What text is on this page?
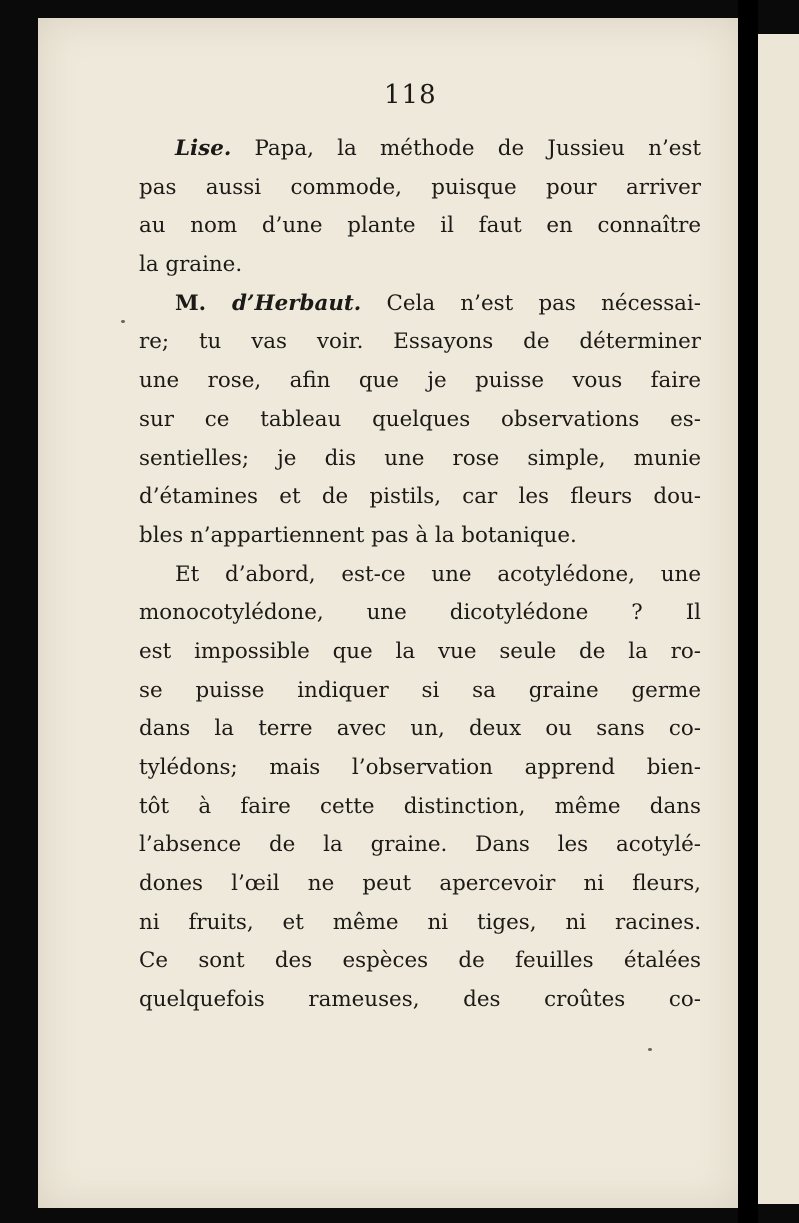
118
Lise. Papa, la méthode de Jussieu n’est
pas aussi commode, puisque pour arriver
au nom d’une plante il faut en connaître
la graine.
M. d’Herbaut. Cela n’est pas nécessai-
re; tu vas voir. Essayons de déterminer
une rose, afin que je puisse vous faire
sur ce tableau quelques observations es-
sentielles; je dis une rose simple, munie
d’étamines et de pistils, car les fleurs dou-
bles n’appartiennent pas à la botanique.
Et d’abord, est-ce une acotylédone, une
monocotylédone, une dicotylédone ? Il
est impossible que la vue seule de la ro-
se puisse indiquer si sa graine germe
dans la terre avec un, deux ou sans co-
tylédons; mais l’observation apprend bien-
tôt à faire cette distinction, même dans
l’absence de la graine. Dans les acotylé-
dones l’œil ne peut apercevoir ni fleurs,
ni fruits, et même ni tiges, ni racines.
Ce sont des espèces de feuilles étalées
quelquefois rameuses, des croûtes co-
